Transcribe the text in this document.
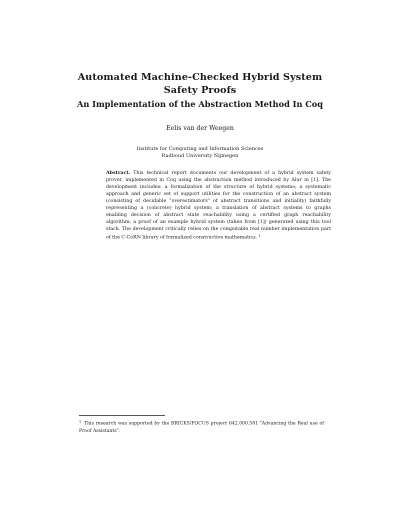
Automated Machine-Checked Hybrid System Safety Proofs
An Implementation of the Abstraction Method In Coq
Eelis van der Weegen
Institute for Computing and Information Sciences
Radboud University Nijmegen
Abstract. This technical report documents our development of a hybrid system safety prover, implemented in Coq using the abstraction method introduced by Alur in [1]. The development includes: a formalization of the structure of hybrid systems; a systematic approach and generic set of support utilities for the construction of an abstract system (consisting of decidable "overestimators" of abstract transitions and initiality) faithfully representing a (concrete) hybrid system; a translation of abstract systems to graphs enabling decision of abstract state reachability using a certified graph reachability algorithm; a proof of an example hybrid system (taken from [1]) generated using this tool stack. The development critically relies on the computable real number implementation part of the C-CoRN library of formalized constructive mathematics. $^1$
$^1$ This research was supported by the BRICKS/FOCUS project 642.000.501 “Advancing the Real use of Proof Assistants”.
